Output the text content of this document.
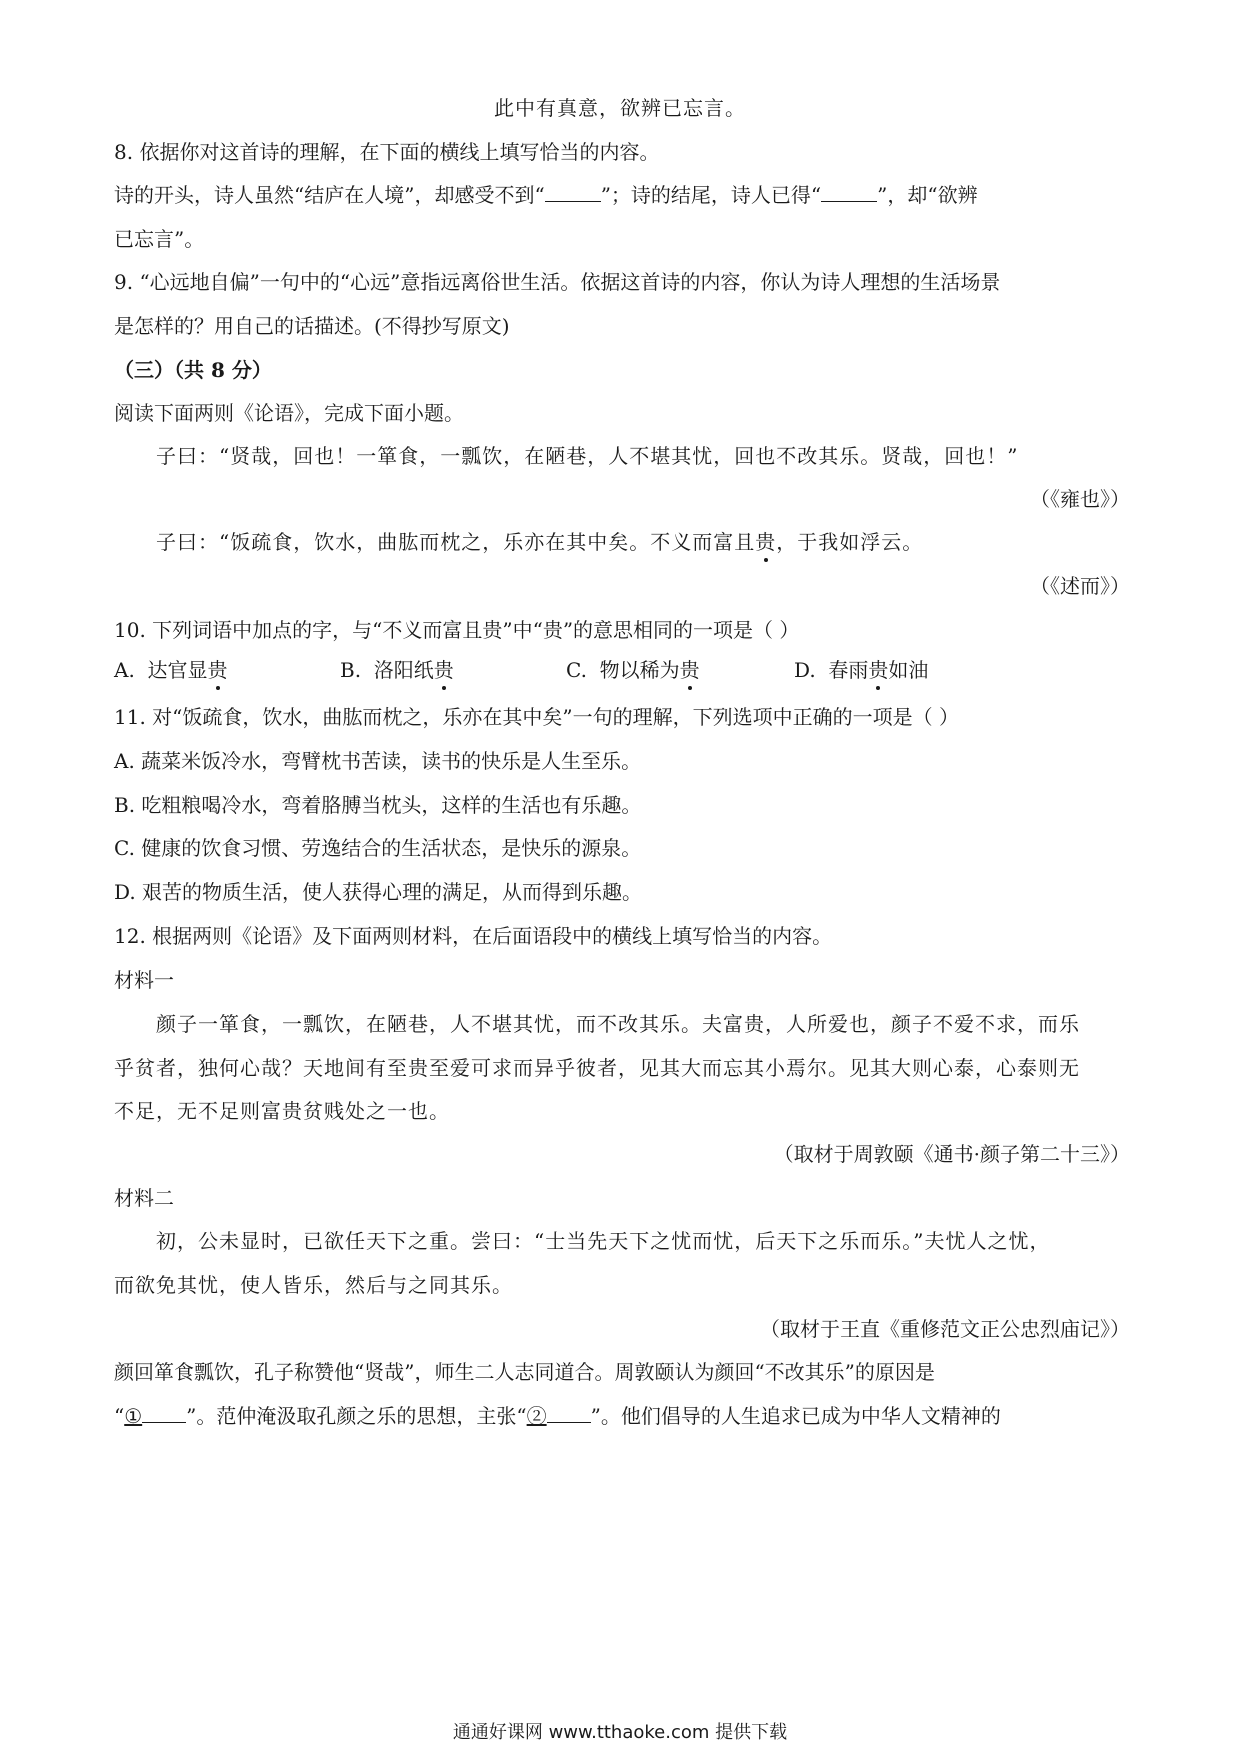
此中有真意，欲辨已忘言。
8. 依据你对这首诗的理解，在下面的横线上填写恰当的内容。
诗的开头，诗人虽然“结庐在人境”，却感受不到“	”；诗的结尾，诗人已得“	”，却“欲辨
已忘言”。
9. “心远地自偏”一句中的“心远”意指远离俗世生活。依据这首诗的内容，你认为诗人理想的生活场景
是怎样的？用自己的话描述。(不得抄写原文)
（三）（共 8 分）
阅读下面两则《论语》，完成下面小题。
子曰：“贤哉，回也！一箪食，一瓢饮，在陋巷，人不堪其忧，回也不改其乐。贤哉，回也！”
（《雍也》）
子曰：“饭疏食，饮水，曲肱而枕之，乐亦在其中矣。不义而富且贵，于我如浮云。
（《述而》）
10. 下列词语中加点的字，与“不义而富且贵”中“贵”的意思相同的一项是（ ）
A. 达官显贵	B. 洛阳纸贵	C. 物以稀为贵	D. 春雨贵如油
11. 对“饭疏食，饮水，曲肱而枕之，乐亦在其中矣”一句的理解，下列选项中正确的一项是（ ）
A. 蔬菜米饭冷水，弯臂枕书苦读，读书的快乐是人生至乐。
B. 吃粗粮喝冷水，弯着胳膊当枕头，这样的生活也有乐趣。
C. 健康的饮食习惯、劳逸结合的生活状态，是快乐的源泉。
D. 艰苦的物质生活，使人获得心理的满足，从而得到乐趣。
12. 根据两则《论语》及下面两则材料，在后面语段中的横线上填写恰当的内容。
材料一
颜子一箪食，一瓢饮，在陋巷，人不堪其忧，而不改其乐。夫富贵，人所爱也，颜子不爱不求，而乐
乎贫者，独何心哉？天地间有至贵至爱可求而异乎彼者，见其大而忘其小焉尔。见其大则心泰，心泰则无
不足，无不足则富贵贫贱处之一也。
（取材于周敦颐《通书·颜子第二十三》）
材料二
初，公未显时，已欲任天下之重。尝曰：“士当先天下之忧而忧，后天下之乐而乐。”夫忧人之忧，
而欲免其忧，使人皆乐，然后与之同其乐。
（取材于王直《重修范文正公忠烈庙记》）
颜回箪食瓢饮，孔子称赞他“贤哉”，师生二人志同道合。周敦颐认为颜回“不改其乐”的原因是
“① ”。范仲淹汲取孔颜之乐的思想，主张“② ”。他们倡导的人生追求已成为中华人文精神的
通通好课网 www.tthaoke.com 提供下载
